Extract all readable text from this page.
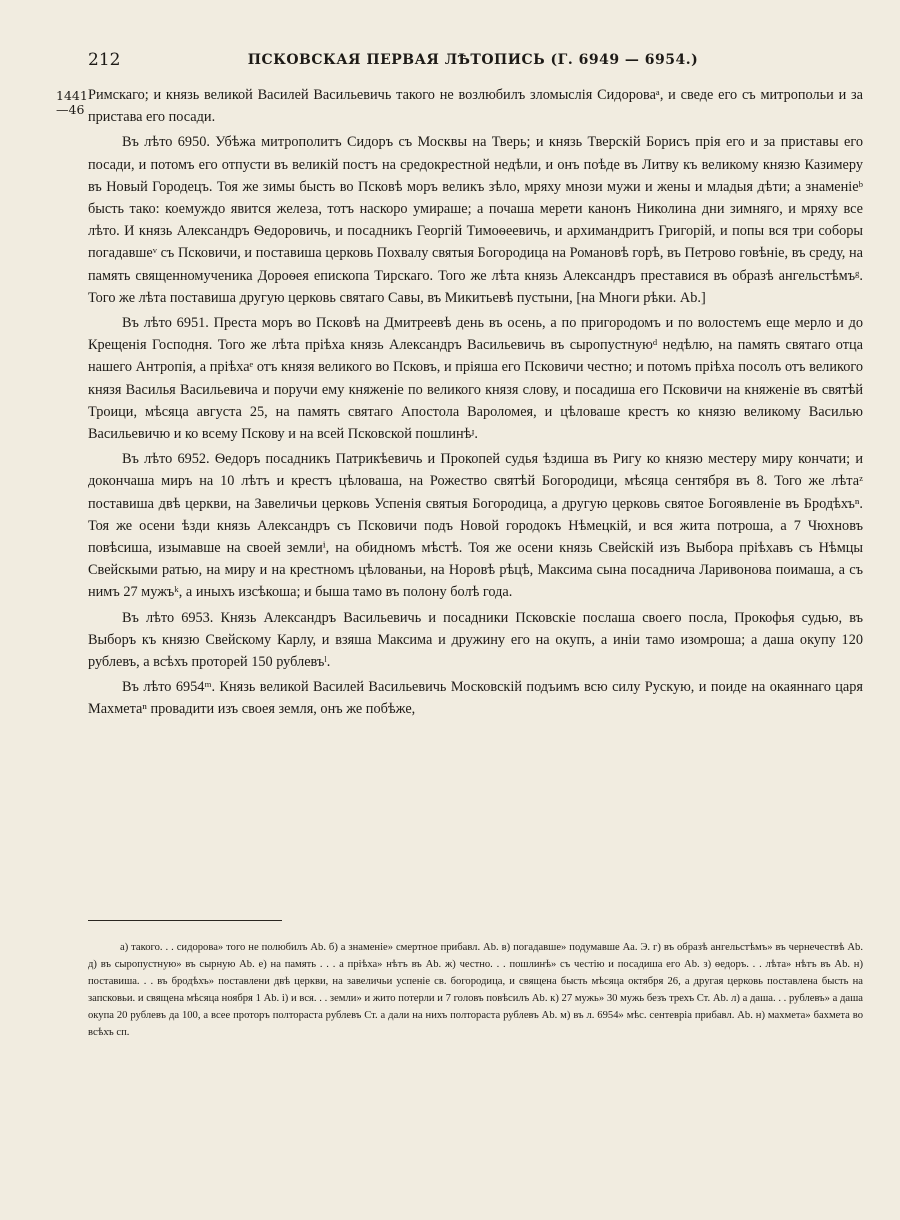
212	ПСКОВСКАЯ ПЕРВАЯ ЛѢТОПИСЬ (Г. 6949 — 6954.)
1441
—46

Римскаго; и князь великой Василей Васильевичь такого не возлюбилъ зломыслія Сидороваᵃ, и сведе его съ митропольи и за пристава его посади.

Въ лѣто 6950. Убѣжа митрополитъ Сидоръ съ Москвы на Тверь; и князь Тверскій Борисъ прія его и за приставы его посади, и потомъ его отпусти въ великій постъ на средокрестной недѣли, и онъ поѣде въ Литву къ великому князю Казимеру въ Новый Городецъ. Тоя же зимы бысть во Псковѣ моръ великъ зѣло, мряху мнози мужи и жены и младыя дѣти; а знаменіеᵇ бысть тако: коемуждо явится железа, тотъ наскоро умираше; а почаша мерети канонъ Николина дни зимняго, и мряху все лѣто. И князь Александръ Ѳедоровичь, и посадникъ Георгій Тимоѳеевичь, и архимандритъ Григорій, и попы вся три соборы погадавшеᵛ съ Псковичи, и поставиша церковь Похвалу святыя Богородица на Романовѣ горѣ, въ Петрово говѣніе, въ среду, на память священномученика Дороѳея епископа Тирскаго. Того же лѣта князь Александръ преставися въ образѣ ангельстѣмъᵍ. Того же лѣта поставиша другую церковь святаго Савы, въ Микитьевѣ пустыни, [на Многи рѣки. Аb.]

Въ лѣто 6951. Преста моръ во Псковѣ на Дмитреевѣ день въ осень, а по пригородомъ и по волостемъ еще мерло и до Крещенія Господня. Того же лѣта пріѣха князь Александръ Васильевичь въ сыропустнуюᵈ недѣлю, на память святаго отца нашего Антропія, а пріѣхаᵉ отъ князя великого во Псковъ, и пріяша его Псковичи честно; и потомъ пріѣха посолъ отъ великого князя Василья Васильевича и поручи ему княженіе по великого князя слову, и посадиша его Псковичи на княженіе въ святѣй Троици, мѣсяца августа 25, на память святаго Апостола Вароломея, и цѣловаше крестъ ко князю великому Василью Васильевичю и ко всему Пскову и на всей Псковской пошлинѣᶡ.

Въ лѣто 6952. Ѳедоръ посадникъ Патрикѣевичь и Прокопей судья ѣздиша въ Ригу ко князю местеру миру кончати; и докончаша миръ на 10 лѣтъ и крестъ цѣловаша, на Рожество святѣй Богородици, мѣсяца сентября въ 8. Того же лѣтаᶻ поставиша двѣ церкви, на Завеличьи церковь Успенія святыя Богородица, а другую церковь святое Богоявленіе въ Бродѣхъⁿ. Тоя же осени ѣзди князь Александръ съ Псковичи подъ Новой городокъ Нѣмецкій, и вся жита потроша, а 7 Чюхновъ повѣсиша, изымавше на своей землиⁱ, на обидномъ мѣстѣ. Тоя же осени князь Свейскій изъ Выбора пріѣхавъ съ Нѣмцы Свейскыми ратью, на миру и на крестномъ цѣлованьи, на Норовѣ рѣцѣ, Максима сына посаднича Ларивонова поимаша, а съ нимъ 27 мужъᵏ, а иныхъ изсѣкоша; и быша тамо въ полону болѣ года.

Въ лѣто 6953. Князь Александръ Васильевичь и посадники Псковскіе послаша своего посла, Прокофья судью, въ Выборъ къ князю Свейскому Карлу, и взяша Максима и дружину его на окупъ, а иніи тамо изомроша; а даша окупу 120 рублевъ, а всѣхъ проторей 150 рублевъˡ.

Въ лѣто 6954ᵐ. Князь великой Василей Васильевичь Московскій подъимъ всю силу Рускую, и поиде на окаяннаго царя Махметаⁿ провадити изъ своея земля, онъ же побѣже,

а) такого. . . сидорова» того не полюбилъ Аb. б) а знаменіе» смертное прибавл. Аb. в) погадавше» подумавше Аа. Э. г) въ образѣ ангельстѣмъ» въ чернечествѣ Аb. д) въ сыропустную» въ сырную Аb. е) на память . . . а пріѣха» нѣтъ въ Аb. ж) честно. . . пошлинѣ» съ честію и посадиша его Аb. з) ѳедоръ. . . лѣта» нѣтъ въ Аb. н) поставиша. . . въ бродѣхъ» поставлени двѣ церкви, на завеличьи успеніе св. богородица, и священа бысть мѣсяца октября 26, а другая церковь поставлена бысть на запсковьи. и священа мѣсяца ноября 1 Аb. і) и вся. . . земли» и жито потерли и 7 головъ повѣсилъ Аb. к) 27 мужь» 30 мужь безъ трехъ Ст. Аb. л) а даша. . . рублевъ» а даша окупа 20 рублевъ да 100, а всее проторъ полтораста рублевъ Ст. а дали на нихъ полтораста рублевъ Аb. м) въ л. 6954» мѣс. сентевріа прибавл. Аb. н) махмета» бахмета во всѣхъ сп.
